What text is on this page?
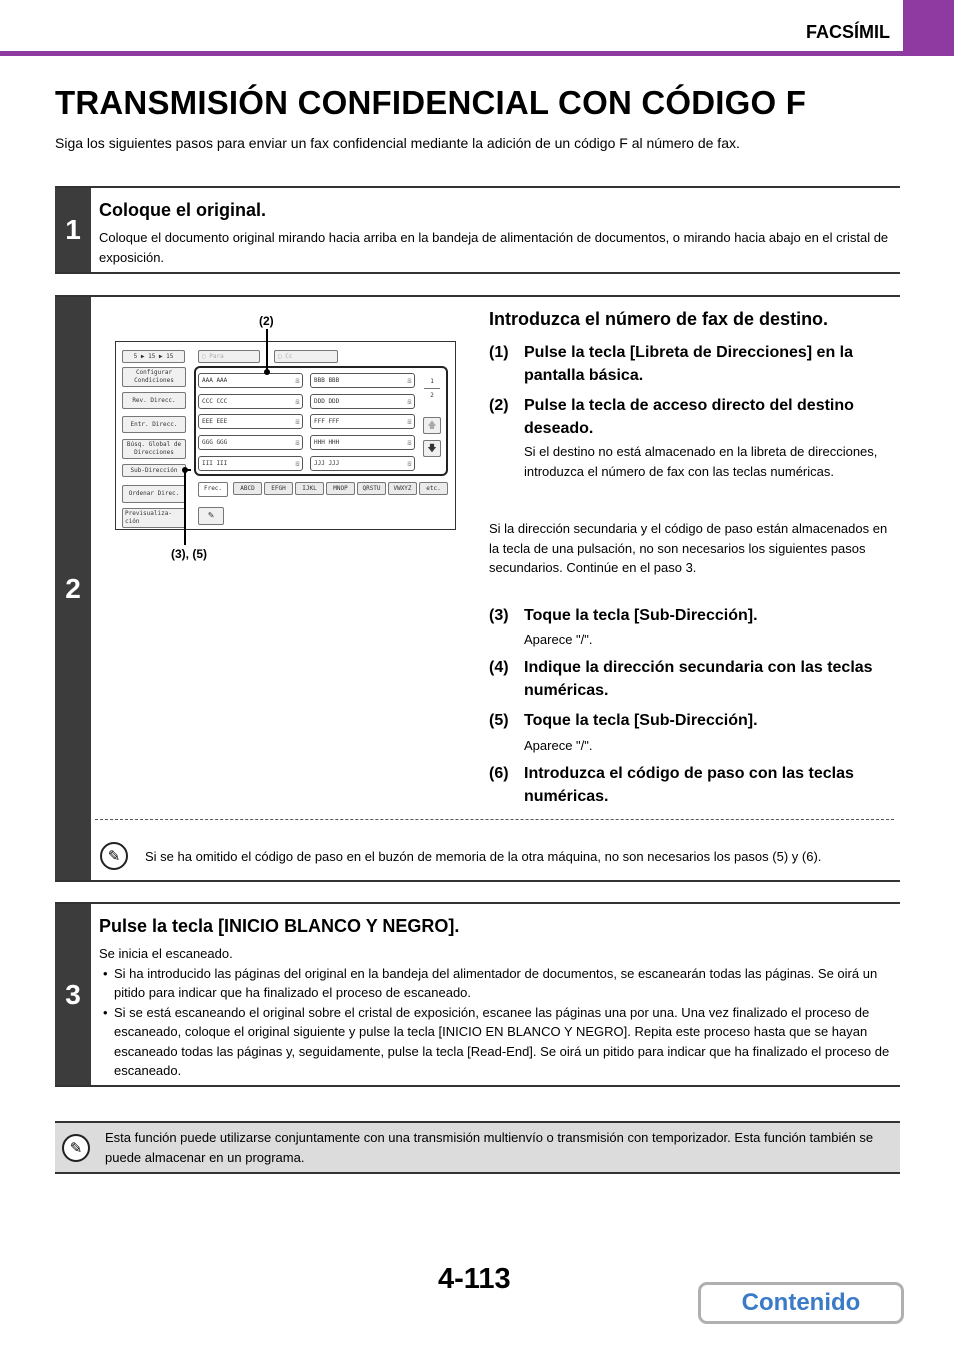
FACSÍMIL
TRANSMISIÓN CONFIDENCIAL CON CÓDIGO F
Siga los siguientes pasos para enviar un fax confidencial mediante la adición de un código F al número de fax.
1
Coloque el original.
Coloque el documento original mirando hacia arriba en la bandeja de alimentación de documentos, o mirando hacia abajo en el cristal de exposición.
2
5 ▶ 15 ▶ 15	▢ Para	▢ Cc
Configurar Condiciones
Rev. Direcc.
Entr. Direcc.
Búsq. Global de Direcciones
Sub-Dirección
Ordenar Direc.
Previsualiza-ción
AAA AAA	☏	BBB BBB	☏
CCC CCC	☏	DDD DDD	☏
EEE EEE	☏	FFF FFF	☏
GGG GGG	☏	HHH HHH	☏
III III	☏	JJJ JJJ	☏
1
2
🡅
🡇
Frec.	ABCD	EFGH	IJKL	MNOP	QRSTU	VWXYZ	etc.
✎
(2)
(3), (5)
Introduzca el número de fax de destino.
(1) Pulse la tecla [Libreta de Direcciones] en la pantalla básica.
(2) Pulse la tecla de acceso directo del destino deseado.
Si el destino no está almacenado en la libreta de direcciones, introduzca el número de fax con las teclas numéricas.
Si la dirección secundaria y el código de paso están almacenados en la tecla de una pulsación, no son necesarios los siguientes pasos secundarios. Continúe en el paso 3.
(3) Toque la tecla [Sub-Dirección].
Aparece "/".
(4) Indique la dirección secundaria con las teclas numéricas.
(5) Toque la tecla [Sub-Dirección].
Aparece "/".
(6) Introduzca el código de paso con las teclas numéricas.
✎	Si se ha omitido el código de paso en el buzón de memoria de la otra máquina, no son necesarios los pasos (5) y (6).
3
Pulse la tecla [INICIO BLANCO Y NEGRO].
Se inicia el escaneado.
• Si ha introducido las páginas del original en la bandeja del alimentador de documentos, se escanearán todas las páginas. Se oirá un pitido para indicar que ha finalizado el proceso de escaneado.
• Si se está escaneando el original sobre el cristal de exposición, escanee las páginas una por una. Una vez finalizado el proceso de escaneado, coloque el original siguiente y pulse la tecla [INICIO EN BLANCO Y NEGRO]. Repita este proceso hasta que se hayan escaneado todas las páginas y, seguidamente, pulse la tecla [Read-End]. Se oirá un pitido para indicar que ha finalizado el proceso de escaneado.
✎
Esta función puede utilizarse conjuntamente con una transmisión multienvío o transmisión con temporizador. Esta función también se puede almacenar en un programa.
4-113
Contenido
